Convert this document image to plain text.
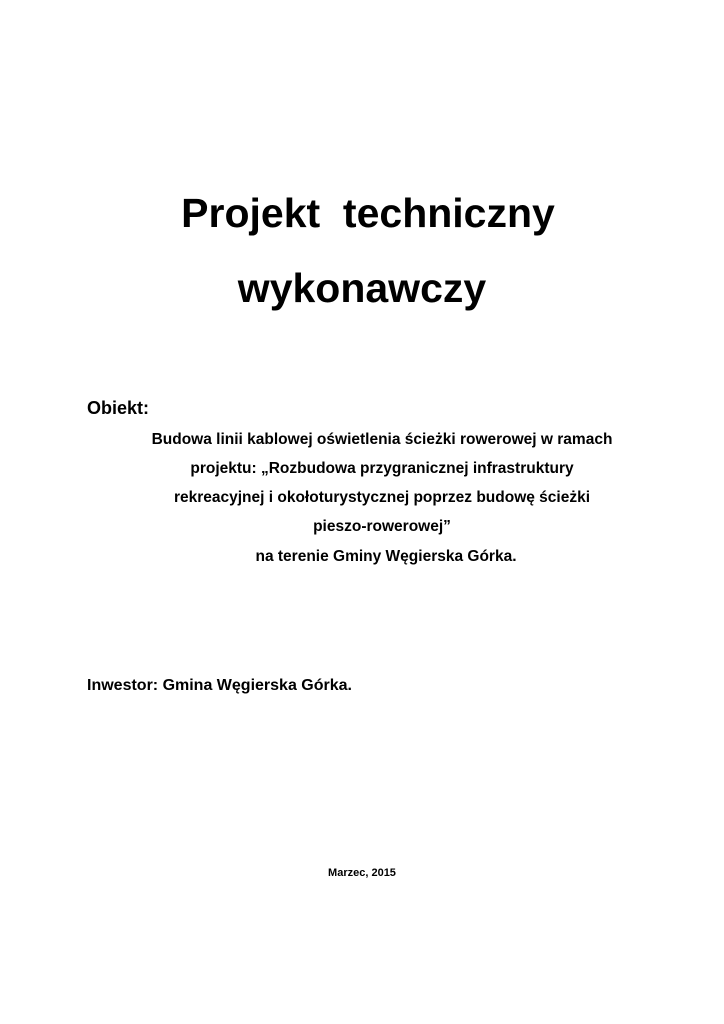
Projekt  techniczny
wykonawczy
Obiekt:
Budowa linii kablowej oświetlenia ścieżki rowerowej w ramach
projektu: „Rozbudowa przygranicznej infrastruktury
rekreacyjnej i okołoturystycznej poprzez budowę ścieżki
pieszo-rowerowej”
na terenie Gminy Węgierska Górka.
Inwestor: Gmina Węgierska Górka.
Marzec, 2015
